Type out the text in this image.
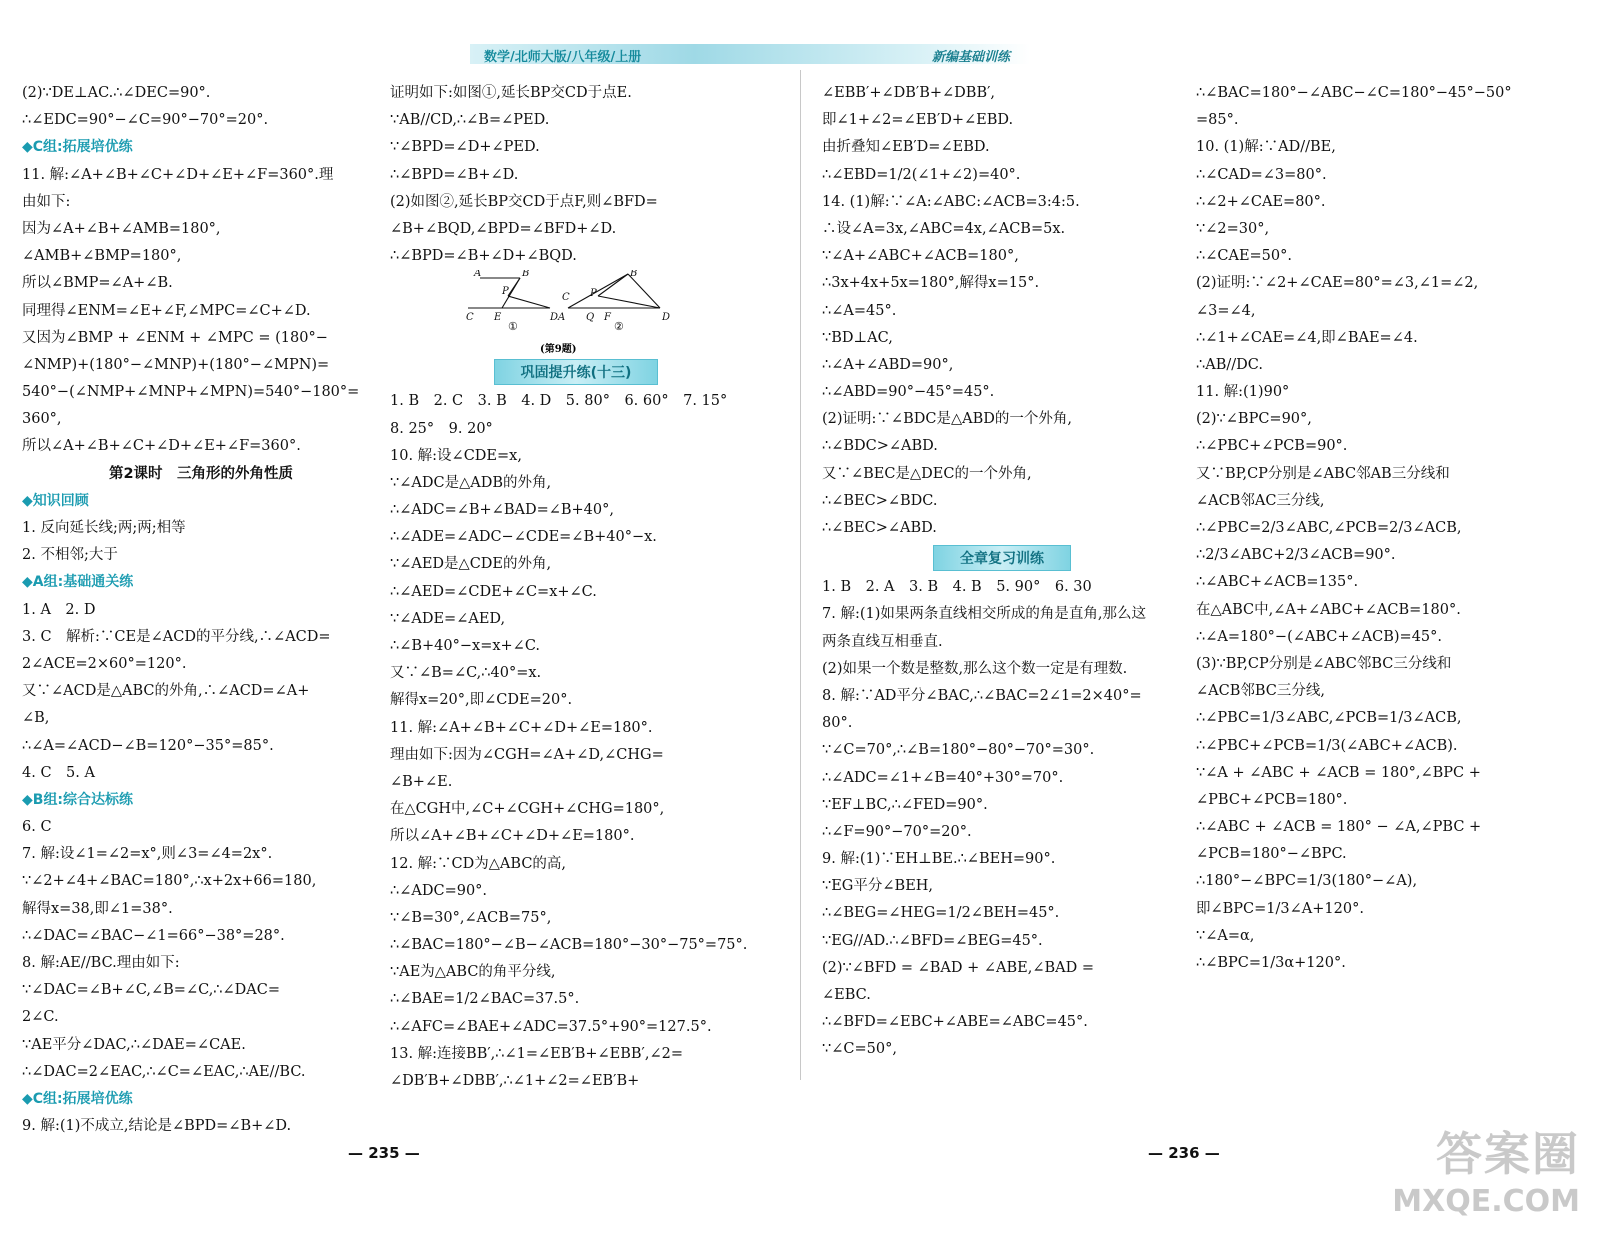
数学/北师大版/八年级/上册	新编基础训练
(2)∵DE⊥AC.∴∠DEC=90°.
∴∠EDC=90°−∠C=90°−70°=20°.
◆C组:拓展培优练
11. 解:∠A+∠B+∠C+∠D+∠E+∠F=360°.理
由如下:
因为∠A+∠B+∠AMB=180°,
∠AMB+∠BMP=180°,
所以∠BMP=∠A+∠B.
同理得∠ENM=∠E+∠F,∠MPC=∠C+∠D.
又因为∠BMP + ∠ENM + ∠MPC = (180°−
∠NMP)+(180°−∠MNP)+(180°−∠MPN)=
540°−(∠NMP+∠MNP+∠MPN)=540°−180°=
360°,
所以∠A+∠B+∠C+∠D+∠E+∠F=360°.
第2课时　三角形的外角性质
◆知识回顾
1. 反向延长线;两;两;相等
2. 不相邻;大于
◆A组:基础通关练
1. A　2. D
3. C　解析:∵CE是∠ACD的平分线,∴∠ACD=
2∠ACE=2×60°=120°.
又∵∠ACD是△ABC的外角,∴∠ACD=∠A+
∠B,
∴∠A=∠ACD−∠B=120°−35°=85°.
4. C　5. A
◆B组:综合达标练
6. C
7. 解:设∠1=∠2=x°,则∠3=∠4=2x°.
∵∠2+∠4+∠BAC=180°,∴x+2x+66=180,
解得x=38,即∠1=38°.
∴∠DAC=∠BAC−∠1=66°−38°=28°.
8. 解:AE//BC.理由如下:
∵∠DAC=∠B+∠C,∠B=∠C,∴∠DAC=
2∠C.
∵AE平分∠DAC,∴∠DAE=∠CAE.
∴∠DAC=2∠EAC,∴∠C=∠EAC,∴AE//BC.
◆C组:拓展培优练
9. 解:(1)不成立,结论是∠BPD=∠B+∠D.
证明如下:如图①,延长BP交CD于点E.
∵AB//CD,∴∠B=∠PED.
∵∠BPD=∠D+∠PED.
∴∠BPD=∠B+∠D.
(2)如图②,延长BP交CD于点F,则∠BFD=
∠B+∠BQD,∠BPD=∠BFD+∠D.
∴∠BPD=∠B+∠D+∠BQD.
A	B
P
C E	D
C
B
P
A Q F	D
①	②
(第9题)
巩固提升练(十三)
1. B　2. C　3. B　4. D　5. 80°　6. 60°　7. 15°
8. 25°　9. 20°
10. 解:设∠CDE=x,
∵∠ADC是△ADB的外角,
∴∠ADC=∠B+∠BAD=∠B+40°,
∴∠ADE=∠ADC−∠CDE=∠B+40°−x.
∵∠AED是△CDE的外角,
∴∠AED=∠CDE+∠C=x+∠C.
∵∠ADE=∠AED,
∴∠B+40°−x=x+∠C.
又∵∠B=∠C,∴40°=x.
解得x=20°,即∠CDE=20°.
11. 解:∠A+∠B+∠C+∠D+∠E=180°.
理由如下:因为∠CGH=∠A+∠D,∠CHG=
∠B+∠E.
在△CGH中,∠C+∠CGH+∠CHG=180°,
所以∠A+∠B+∠C+∠D+∠E=180°.
12. 解:∵CD为△ABC的高,
∴∠ADC=90°.
∵∠B=30°,∠ACB=75°,
∴∠BAC=180°−∠B−∠ACB=180°−30°−75°=75°.
∵AE为△ABC的角平分线,
∴∠BAE=1/2∠BAC=37.5°.
∴∠AFC=∠BAE+∠ADC=37.5°+90°=127.5°.
13. 解:连接BB′,∴∠1=∠EB′B+∠EBB′,∠2=
∠DB′B+∠DBB′,∴∠1+∠2=∠EB′B+
∠EBB′+∠DB′B+∠DBB′,
即∠1+∠2=∠EB′D+∠EBD.
由折叠知∠EB′D=∠EBD.
∴∠EBD=1/2(∠1+∠2)=40°.
14. (1)解:∵∠A:∠ABC:∠ACB=3:4:5.
∴设∠A=3x,∠ABC=4x,∠ACB=5x.
∵∠A+∠ABC+∠ACB=180°,
∴3x+4x+5x=180°,解得x=15°.
∴∠A=45°.
∵BD⊥AC,
∴∠A+∠ABD=90°,
∴∠ABD=90°−45°=45°.
(2)证明:∵∠BDC是△ABD的一个外角,
∴∠BDC>∠ABD.
又∵∠BEC是△DEC的一个外角,
∴∠BEC>∠BDC.
∴∠BEC>∠ABD.
全章复习训练
1. B　2. A　3. B　4. B　5. 90°　6. 30
7. 解:(1)如果两条直线相交所成的角是直角,那么这
两条直线互相垂直.
(2)如果一个数是整数,那么这个数一定是有理数.
8. 解:∵AD平分∠BAC,∴∠BAC=2∠1=2×40°=
80°.
∵∠C=70°,∴∠B=180°−80°−70°=30°.
∴∠ADC=∠1+∠B=40°+30°=70°.
∵EF⊥BC,∴∠FED=90°.
∴∠F=90°−70°=20°.
9. 解:(1)∵EH⊥BE.∴∠BEH=90°.
∵EG平分∠BEH,
∴∠BEG=∠HEG=1/2∠BEH=45°.
∵EG//AD.∴∠BFD=∠BEG=45°.
(2)∵∠BFD = ∠BAD + ∠ABE,∠BAD =
∠EBC.
∴∠BFD=∠EBC+∠ABE=∠ABC=45°.
∵∠C=50°,
∴∠BAC=180°−∠ABC−∠C=180°−45°−50°
=85°.
10. (1)解:∵AD//BE,
∴∠CAD=∠3=80°.
∴∠2+∠CAE=80°.
∵∠2=30°,
∴∠CAE=50°.
(2)证明:∵∠2+∠CAE=80°=∠3,∠1=∠2,
∠3=∠4,
∴∠1+∠CAE=∠4,即∠BAE=∠4.
∴AB//DC.
11. 解:(1)90°
(2)∵∠BPC=90°,
∴∠PBC+∠PCB=90°.
又∵BP,CP分别是∠ABC邻AB三分线和
∠ACB邻AC三分线,
∴∠PBC=2/3∠ABC,∠PCB=2/3∠ACB,
∴2/3∠ABC+2/3∠ACB=90°.
∴∠ABC+∠ACB=135°.
在△ABC中,∠A+∠ABC+∠ACB=180°.
∴∠A=180°−(∠ABC+∠ACB)=45°.
(3)∵BP,CP分别是∠ABC邻BC三分线和
∠ACB邻BC三分线,
∴∠PBC=1/3∠ABC,∠PCB=1/3∠ACB,
∴∠PBC+∠PCB=1/3(∠ABC+∠ACB).
∵∠A + ∠ABC + ∠ACB = 180°,∠BPC +
∠PBC+∠PCB=180°.
∴∠ABC + ∠ACB = 180° − ∠A,∠PBC +
∠PCB=180°−∠BPC.
∴180°−∠BPC=1/3(180°−∠A),
即∠BPC=1/3∠A+120°.
∵∠A=α,
∴∠BPC=1/3α+120°.
— 235 —	— 236 —	答案圈
MXQE.COM
